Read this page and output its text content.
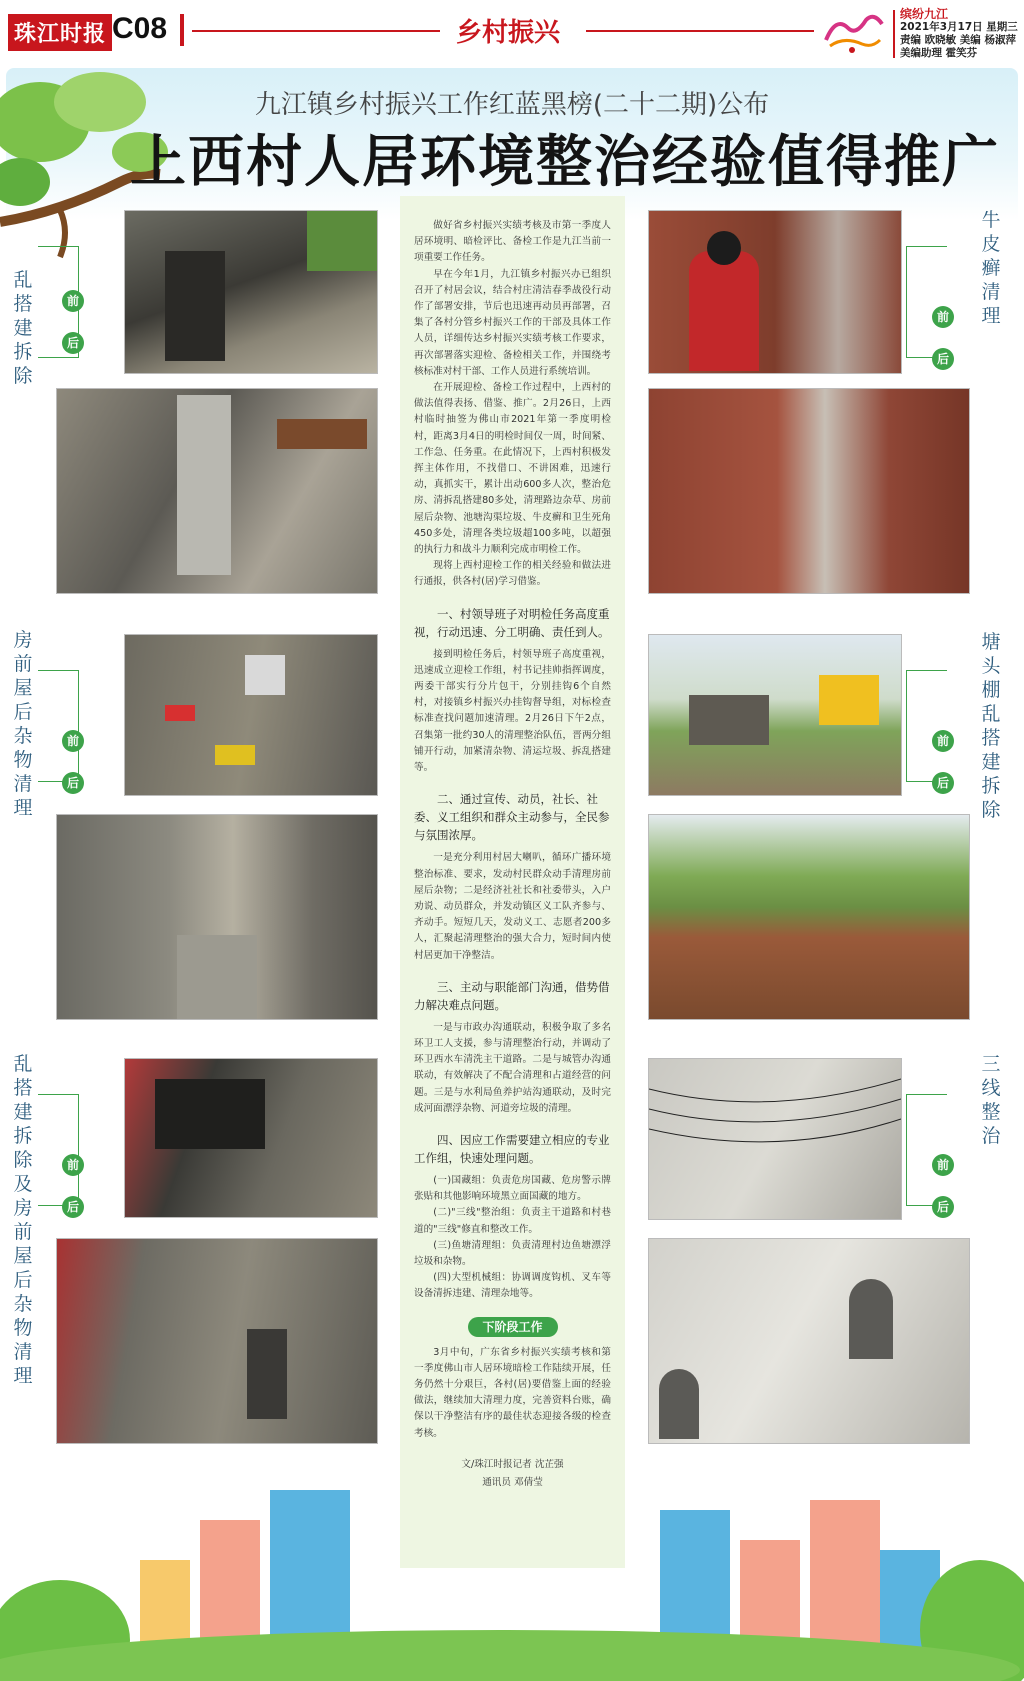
珠江时报 C08	乡村振兴
缤纷九江
2021年3月17日 星期三
责编 欧晓敏 美编 杨淑萍
美编助理 霍笑芬
九江镇乡村振兴工作红蓝黑榜(二十二期)公布
上西村人居环境整治经验值得推广
乱搭建拆除
房前屋后杂物清理
乱搭建拆除及房前屋后杂物清理
牛皮癣清理
塘头棚乱搭建拆除
三线整治
前
后
前
后
前
后
前
后
前
后
前
后

做好省乡村振兴实绩考核及市第一季度人居环境明、暗检评比、备检工作是九江当前一项重要工作任务。

早在今年1月，九江镇乡村振兴办已组织召开了村居会议，结合村庄清洁春季战役行动作了部署安排，节后也迅速再动员再部署，召集了各村分管乡村振兴工作的干部及具体工作人员，详细传达乡村振兴实绩考核工作要求，再次部署落实迎检、备检相关工作，并围绕考核标准对村干部、工作人员进行系统培训。

在开展迎检、备检工作过程中，上西村的做法值得表扬、借鉴、推广。2月26日，上西村临时抽签为佛山市2021年第一季度明检村，距离3月4日的明检时间仅一周，时间紧、工作急、任务重。在此情况下，上西村积极发挥主体作用，不找借口、不讲困难，迅速行动，真抓实干，累计出动600多人次，整治危房、清拆乱搭建80多处，清理路边杂草、房前屋后杂物、池塘沟渠垃圾、牛皮癣和卫生死角450多处，清理各类垃圾超100多吨，以超强的执行力和战斗力顺利完成市明检工作。

现将上西村迎检工作的相关经验和做法进行通报，供各村(居)学习借鉴。

一、村领导班子对明检任务高度重视，行动迅速、分工明确、责任到人。

接到明检任务后，村领导班子高度重视，迅速成立迎检工作组，村书记挂帅指挥调度，两委干部实行分片包干，分别挂钩6个自然村，对接镇乡村振兴办挂钩督导组，对标检查标准查找问题加速清理。2月26日下午2点，召集第一批约30人的清理整治队伍，晋两分组铺开行动，加紧清杂物、清运垃圾、拆乱搭建等。

二、通过宣传、动员，社长、社委、义工组织和群众主动参与，全民参与氛围浓厚。

一是充分利用村居大喇叭，循环广播环境整治标准、要求，发动村民群众动手清理房前屋后杂物；二是经济社社长和社委带头，入户劝说、动员群众，并发动镇区义工队齐参与、齐动手。短短几天，发动义工、志愿者200多人，汇聚起清理整治的强大合力，短时间内使村居更加干净整洁。

三、主动与职能部门沟通，借势借力解决难点问题。

一是与市政办沟通联动，积极争取了多名环卫工人支援，参与清理整治行动，并调动了环卫西水车清洗主干道路。二是与城管办沟通联动，有效解决了不配合清理和占道经营的问题。三是与水利局鱼养护站沟通联动，及时完成河面漂浮杂物、河道旁垃圾的清理。

四、因应工作需要建立相应的专业工作组，快速处理问题。

(一)国藏组：负责危房国藏、危房警示牌张贴和其他影响环境黑立面国藏的地方。

(二)"三线"整治组：负责主干道路和村巷道的"三线"修直和整改工作。

(三)鱼塘清理组：负责清理村边鱼塘漂浮垃圾和杂物。

(四)大型机械组：协调调度钩机、叉车等设备清拆违建、清理杂地等。

下阶段工作

3月中旬，广东省乡村振兴实绩考核和第一季度佛山市人居环境暗检工作陆续开展，任务仍然十分艰巨，各村(居)要借鉴上面的经验做法，继续加大清理力度，完善资料台账，确保以干净整洁有序的最佳状态迎接各级的检查考核。

文/珠江时报记者 沈芷强
通讯员 邓倩莹
